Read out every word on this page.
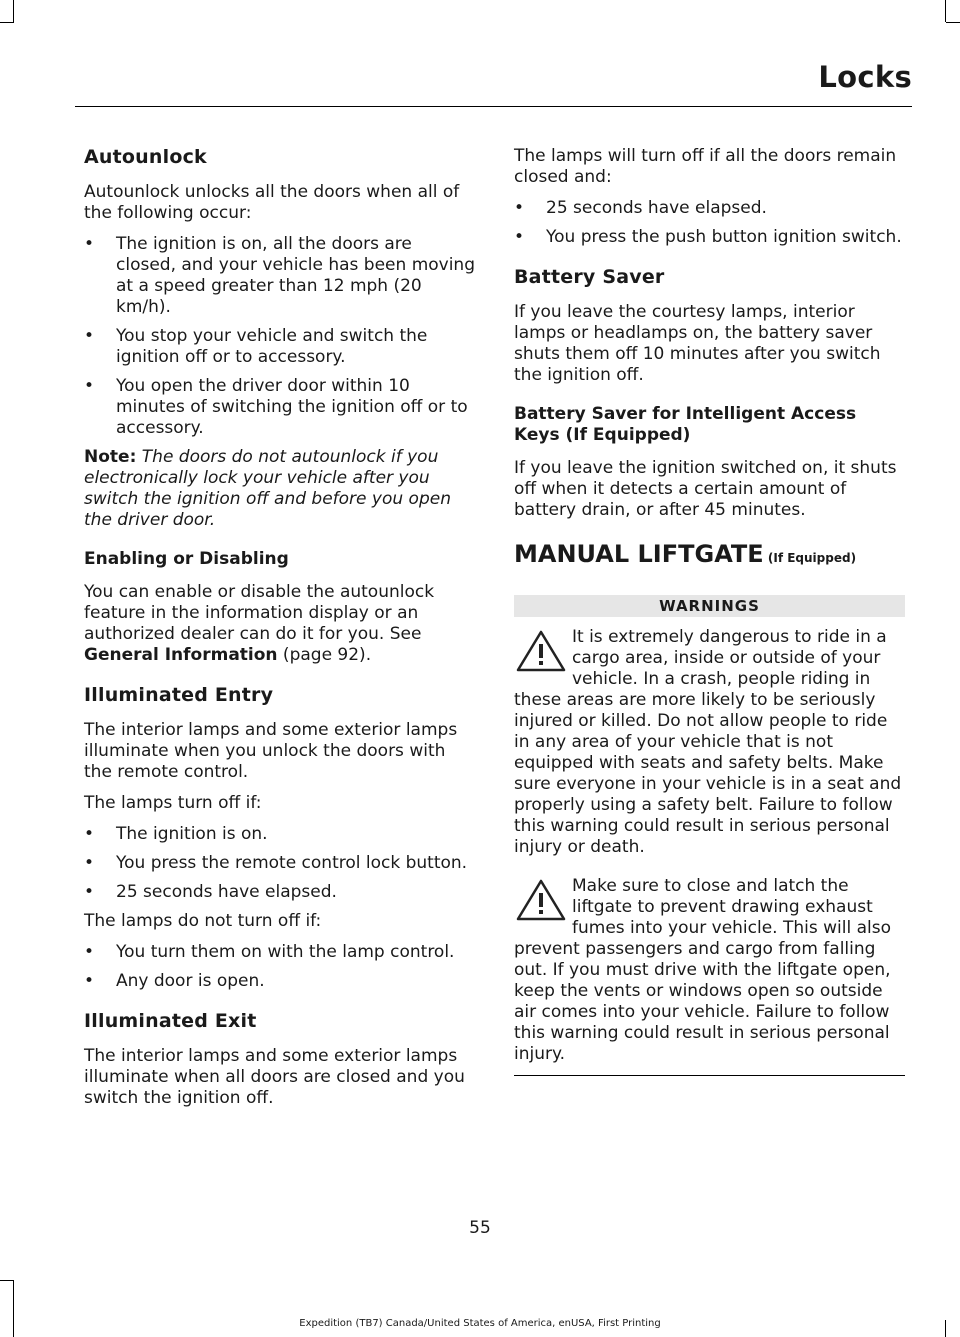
Locks
Autounlock

Autounlock unlocks all the doors when all of the following occur:

• The ignition is on, all the doors are closed, and your vehicle has been moving at a speed greater than 12 mph (20 km/h).
• You stop your vehicle and switch the ignition off or to accessory.
• You open the driver door within 10 minutes of switching the ignition off or to accessory.

Note: The doors do not autounlock if you electronically lock your vehicle after you switch the ignition off and before you open the driver door.

Enabling or Disabling

You can enable or disable the autounlock feature in the information display or an authorized dealer can do it for you. See General Information (page 92).

Illuminated Entry

The interior lamps and some exterior lamps illuminate when you unlock the doors with the remote control.

The lamps turn off if:

• The ignition is on.
• You press the remote control lock button.
• 25 seconds have elapsed.

The lamps do not turn off if:

• You turn them on with the lamp control.
• Any door is open.
Illuminated Exit

The interior lamps and some exterior lamps illuminate when all doors are closed and you switch the ignition off.

The lamps will turn off if all the doors remain closed and:

• 25 seconds have elapsed.
• You press the push button ignition switch.
Battery Saver

If you leave the courtesy lamps, interior lamps or headlamps on, the battery saver shuts them off 10 minutes after you switch the ignition off.

Battery Saver for Intelligent Access Keys (If Equipped)

If you leave the ignition switched on, it shuts off when it detects a certain amount of battery drain, or after 45 minutes.

MANUAL LIFTGATE (If Equipped)
WARNINGS
It is extremely dangerous to ride in a cargo area, inside or outside of your vehicle. In a crash, people riding in these areas are more likely to be seriously injured or killed. Do not allow people to ride in any area of your vehicle that is not equipped with seats and safety belts. Make sure everyone in your vehicle is in a seat and properly using a safety belt. Failure to follow this warning could result in serious personal injury or death.
Make sure to close and latch the liftgate to prevent drawing exhaust fumes into your vehicle. This will also prevent passengers and cargo from falling out. If you must drive with the liftgate open, keep the vents or windows open so outside air comes into your vehicle. Failure to follow this warning could result in serious personal injury.
55
Expedition (TB7) Canada/United States of America, enUSA, First Printing
